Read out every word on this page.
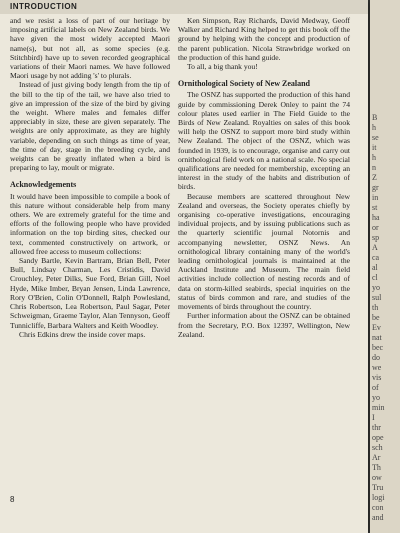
INTRODUCTION

and we resist a loss of part of our heritage by imposing artificial labels on New Zealand birds. We have given the most widely accepted Maori name(s), but not all, as some species (e.g. Stitchbird) have up to seven recorded geographical variations of their Maori names. We have followed Maori usage by not adding 's' to plurals.

Instead of just giving body length from the tip of the bill to the tip of the tail, we have also tried to give an impression of the size of the bird by giving the weight. Where males and females differ appreciably in size, these are given separately. The weights are only approximate, as they are highly variable, depending on such things as time of year, the time of day, stage in the breeding cycle, and weights can be greatly inflated when a bird is preparing to lay, moult or migrate.

Acknowledgements

It would have been impossible to compile a book of this nature without considerable help from many others. We are extremely grateful for the time and efforts of the following people who have provided information on the top birding sites, checked our text, commented constructively on artwork, or allowed free access to museum collections:

Sandy Bartle, Kevin Bartram, Brian Bell, Peter Bull, Lindsay Charman, Les Cristidis, David Crouchley, Peter Dilks, Sue Ford, Brian Gill, Noel Hyde, Mike Imber, Bryan Jensen, Linda Lawrence, Rory O'Brien, Colin O'Donnell, Ralph Powlesland, Chris Robertson, Lea Robertson, Paul Sagar, Peter Schweigman, Graeme Taylor, Alan Tennyson, Geoff Tunnicliffe, Barbara Walters and Keith Woodley.

Chris Edkins drew the inside cover maps.

Ken Simpson, Ray Richards, David Medway, Geoff Walker and Richard King helped to get this book off the ground by helping with the concept and production of the parent publication. Nicola Strawbridge worked on the production of this hand guide.

To all, a big thank you!

Ornithological Society of New Zealand

The OSNZ has supported the production of this hand guide by commissioning Derek Onley to paint the 74 colour plates used earlier in The Field Guide to the Birds of New Zealand. Royalties on sales of this book will help the OSNZ to support more bird study within New Zealand. The object of the OSNZ, which was founded in 1939, is to encourage, organise and carry out ornithological field work on a national scale. No special qualifications are needed for membership, excepting an interest in the study of the habits and distribution of birds.

Because members are scattered throughout New Zealand and overseas, the Society operates chiefly by organising co-operative investigations, encouraging individual projects, and by issuing publications such as the quarterly scientific journal Notornis and accompanying newsletter, OSNZ News. An ornithological library containing many of the world's leading ornithological journals is maintained at the Auckland Institute and Museum. The main field activities include collection of nesting records and of data on storm-killed seabirds, special inquiries on the status of birds common and rare, and studies of the movements of birds throughout the country.

Further information about the OSNZ can be obtained from the Secretary, P.O. Box 12397, Wellington, New Zealand.

8
B
h
se
it
h
n
Z
gr
in
st
ha
or
sp
A
ca
al
cl
yo
sul
th
be
Ev
nat
bec
do
we
vis
of
yo
min
I
thr
ope
sch
Ar
Th
ow
Tru
logi
con
and
